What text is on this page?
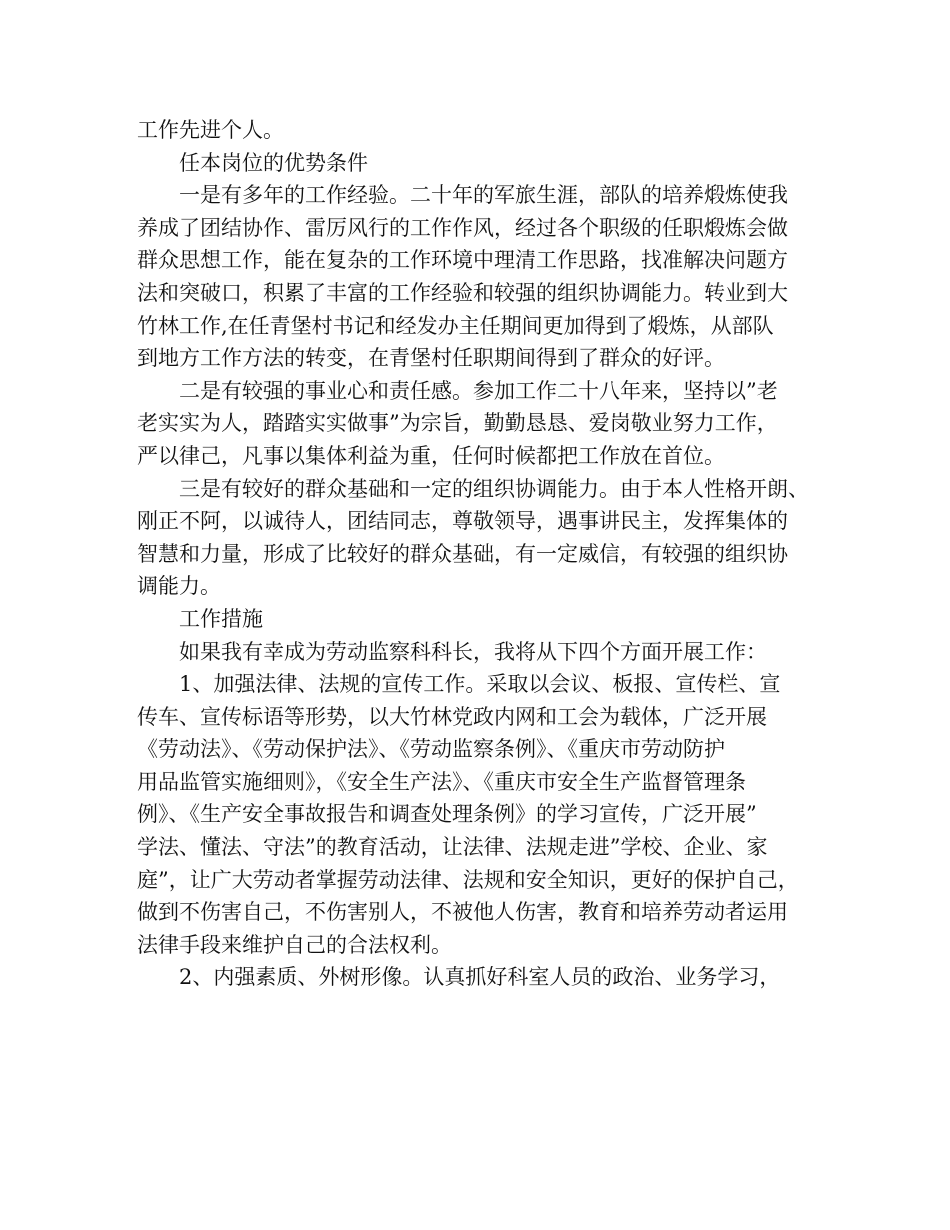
工作先进个人。
任本岗位的优势条件
一是有多年的工作经验。二十年的军旅生涯，部队的培养煅炼使我
养成了团结协作、雷厉风行的工作作风，经过各个职级的任职煅炼会做
群众思想工作，能在复杂的工作环境中理清工作思路，找准解决问题方
法和突破口，积累了丰富的工作经验和较强的组织协调能力。转业到大
竹林工作,在任青堡村书记和经发办主任期间更加得到了煅炼，从部队
到地方工作方法的转变，在青堡村任职期间得到了群众的好评。
二是有较强的事业心和责任感。参加工作二十八年来，坚持以”老
老实实为人，踏踏实实做事”为宗旨，勤勤恳恳、爱岗敬业努力工作，
严以律己，凡事以集体利益为重，任何时候都把工作放在首位。
三是有较好的群众基础和一定的组织协调能力。由于本人性格开朗、
刚正不阿，以诚待人，团结同志，尊敬领导，遇事讲民主，发挥集体的
智慧和力量，形成了比较好的群众基础，有一定威信，有较强的组织协
调能力。
工作措施
如果我有幸成为劳动监察科科长，我将从下四个方面开展工作：
1、加强法律、法规的宣传工作。采取以会议、板报、宣传栏、宣
传车、宣传标语等形势，以大竹林党政内网和工会为载体，广泛开展
《劳动法》、《劳动保护法》、《劳动监察条例》、《重庆市劳动防护
用品监管实施细则》，《安全生产法》、《重庆市安全生产监督管理条
例》、《生产安全事故报告和调查处理条例》的学习宣传，广泛开展”
学法、懂法、守法”的教育活动，让法律、法规走进”学校、企业、家
庭”，让广大劳动者掌握劳动法律、法规和安全知识，更好的保护自己，
做到不伤害自己，不伤害别人，不被他人伤害，教育和培养劳动者运用
法律手段来维护自己的合法权利。
2、内强素质、外树形像。认真抓好科室人员的政治、业务学习，
